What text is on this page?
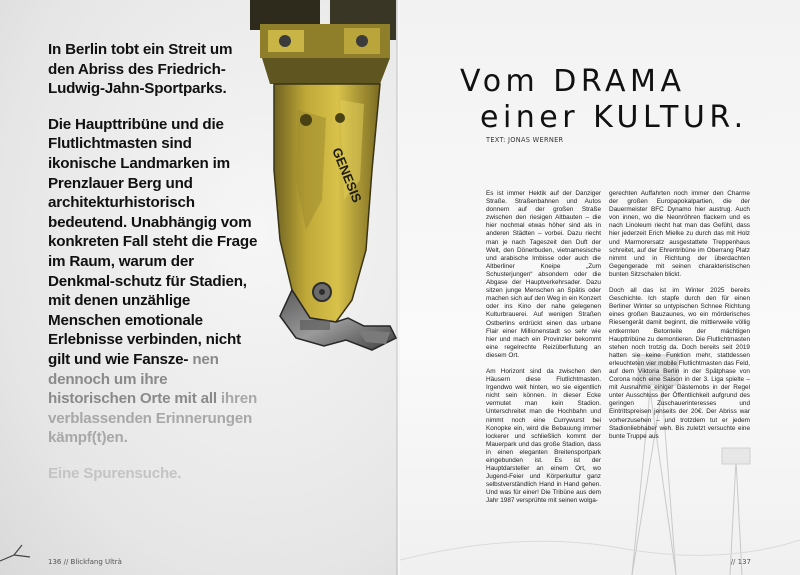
In Berlin tobt ein Streit um den Abriss des Friedrich-Ludwig-Jahn-Sportparks.

Die Haupttribüne und die Flutlichtmasten sind ikonische Landmarken im Prenzlauer Berg und architekturhistorisch bedeutend. Unabhängig vom konkreten Fall steht die Frage im Raum, warum der Denkmal-schutz für Stadien, mit denen unzählige Menschen emotionale Erlebnisse verbinden, nicht gilt und wie Fansze- nen dennoch um ihre historischen Orte mit all ihren verblassenden Erinnerungen kämpf(t)en.

Eine Spurensuche.

GENESIS
136 // Blickfang Ultrà	// 137
Vom DRAMA
einer KULTUR.
TEXT: JONAS WERNER

Es ist immer Hektik auf der Danziger Straße. Straßenbahnen und Autos donnern auf der großen Straße zwischen den riesigen Altbauten – die hier nochmal etwas höher sind als in anderen Städten – vorbei. Dazu riecht man je nach Tageszeit den Duft der Welt, den Dönerbuden, vietnamesische und arabische Imbisse oder auch die Altberliner Kneipe „Zum Schusterjungen“ absondern oder die Abgase der Hauptverkehrsader. Dazu sitzen junge Menschen an Spätis oder machen sich auf den Weg in ein Konzert oder ins Kino der nahe gelegenen Kulturbrauerei. Auf wenigen Straßen Ostberlins erdrückt einen das urbane Flair einer Millionenstadt so sehr wie hier und mach ein Provinzler bekommt eine regelrechte Reizüberflutung an diesem Ort.

Am Horizont sind da zwischen den Häusern diese Flutlichtmasten. Irgendwo weit hinten, wo sie eigentlich nicht sein können. In dieser Ecke vermutet man kein Stadion. Unterschreitet man die Hochbahn und nimmt noch eine Currywurst bei Konopke ein, wird die Bebauung immer lockerer und schließlich kommt der Mauerpark und das große Stadion, dass in einen eleganten Breitensportpark eingebunden ist. Es ist der Hauptdarsteller an einem Ort, wo Jugend-Feier und Körperkultur ganz selbstverständlich Hand in Hand gehen. Und was für einer! Die Tribüne aus dem Jahr 1987 versprühte mit seinen wolga-

gerechten Auffahrten noch immer den Charme der großen Europapokalpartien, die der Dauermeister BFC Dynamo hier austrug. Auch von innen, wo die Neonröhren flackern und es nach Linoleum riecht hat man das Gefühl, dass hier jederzeit Erich Mielke zu durch das mit Holz und Marmorersatz ausgestattete Treppenhaus schreitet, auf der Ehrentribüne im Oberrang Platz nimmt und in Richtung der überdachten Gegengerade mit seinen charakteristischen bunten Sitzschalen blickt.

Doch all das ist im Winter 2025 bereits Geschichte. Ich stapfe durch den für einen Berliner Winter so untypischen Schnee Richtung eines großen Bauzaunes, wo ein mörderisches Riesengerät damit beginnt, die mittlerweile völlig entkernten Betonteile der mächtigen Haupttribüne zu demontieren. Die Flutlichtmasten stehen noch trotzig da. Doch bereits seit 2019 hatten sie keine Funktion mehr, stattdessen erleuchteten vier mobile Flutlichtmasten das Feld, auf dem Viktoria Berlin in der Spätphase von Corona noch eine Saison in der 3. Liga spielte – mit Ausnahme einiger Gästemobs in der Regel unter Ausschluss der Öffentlichkeit aufgrund des geringen Zuschauerinteresses und Eintrittspreisen jenseits der 20€. Der Abriss war vorherzusehen – und trotzdem tut er jedem Stadionliebhaber weh. Bis zuletzt versuchte eine bunte Truppe aus
